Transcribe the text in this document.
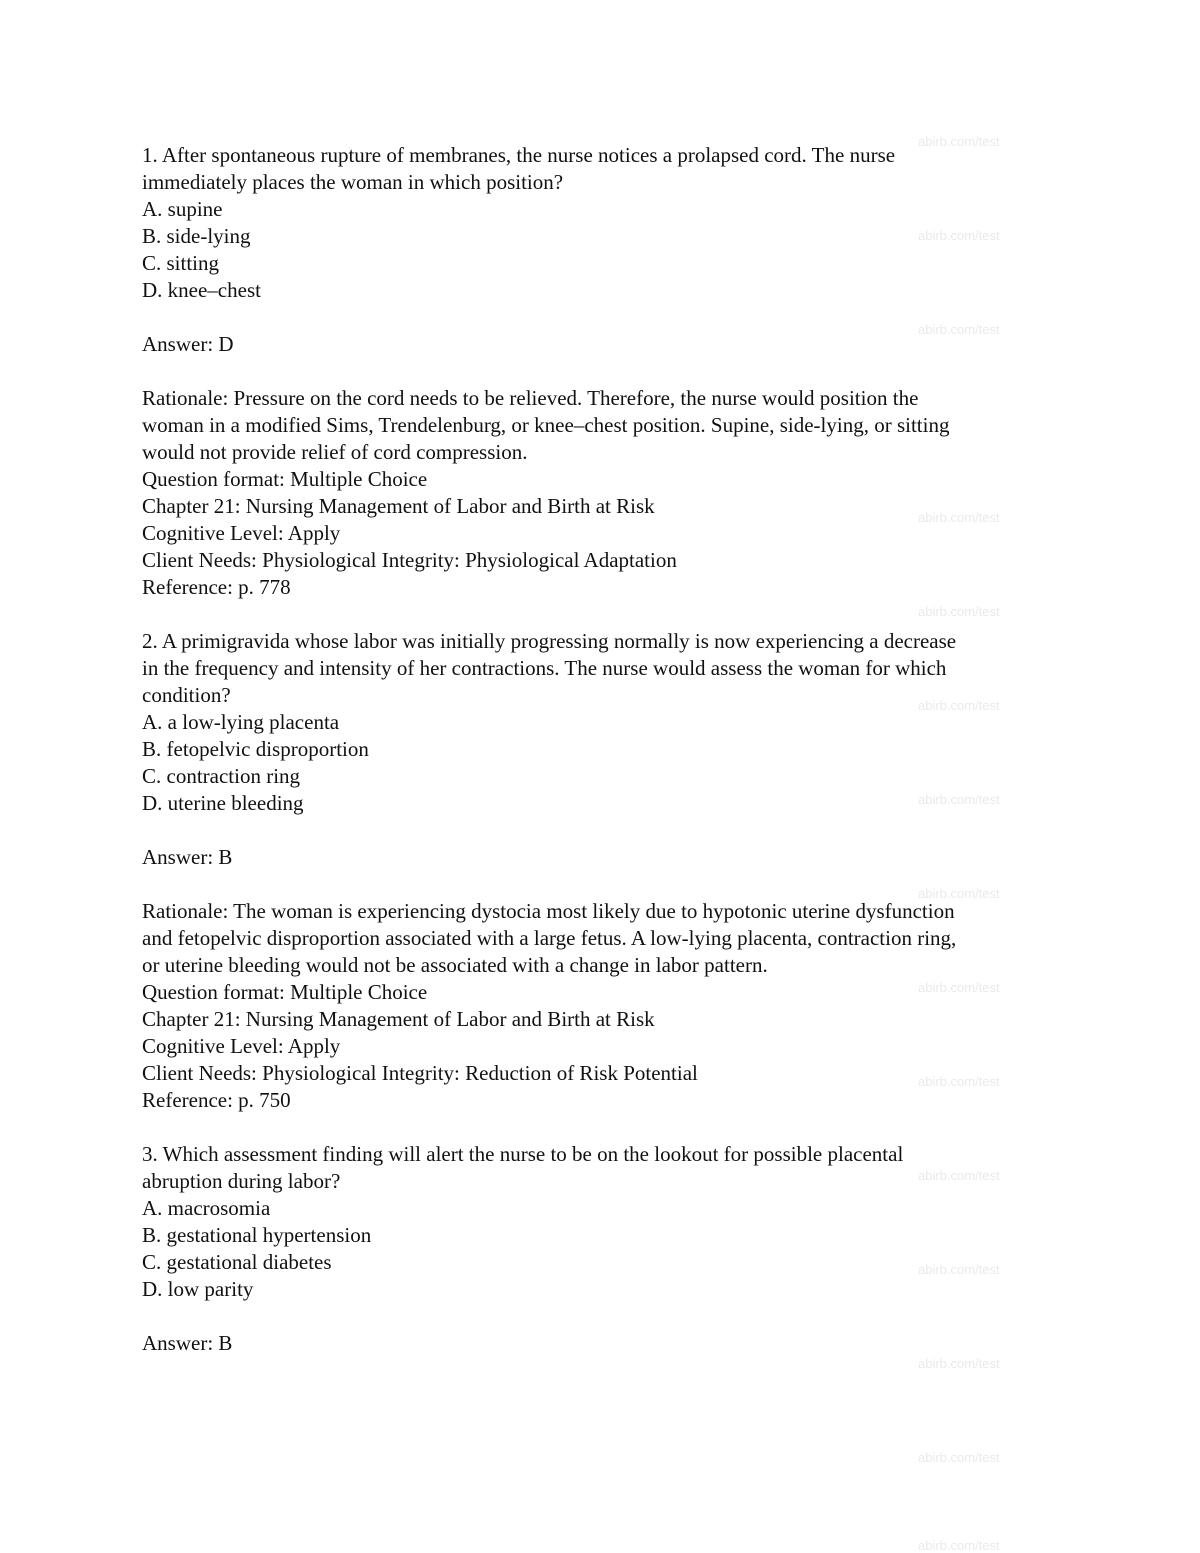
abirb.com/test
abirb.com/test
abirb.com/test
abirb.com/test
abirb.com/test
abirb.com/test
abirb.com/test
abirb.com/test
abirb.com/test
abirb.com/test
abirb.com/test
abirb.com/test
abirb.com/test
abirb.com/test
abirb.com/test
1. After spontaneous rupture of membranes, the nurse notices a prolapsed cord. The nurse
immediately places the woman in which position?
A. supine
B. side-lying
C. sitting
D. knee–chest
Answer: D
Rationale: Pressure on the cord needs to be relieved. Therefore, the nurse would position the
woman in a modified Sims, Trendelenburg, or knee–chest position. Supine, side-lying, or sitting
would not provide relief of cord compression.
Question format: Multiple Choice
Chapter 21: Nursing Management of Labor and Birth at Risk
Cognitive Level: Apply
Client Needs: Physiological Integrity: Physiological Adaptation
Reference: p. 778
2. A primigravida whose labor was initially progressing normally is now experiencing a decrease
in the frequency and intensity of her contractions. The nurse would assess the woman for which
condition?
A. a low-lying placenta
B. fetopelvic disproportion
C. contraction ring
D. uterine bleeding
Answer: B
Rationale: The woman is experiencing dystocia most likely due to hypotonic uterine dysfunction
and fetopelvic disproportion associated with a large fetus. A low-lying placenta, contraction ring,
or uterine bleeding would not be associated with a change in labor pattern.
Question format: Multiple Choice
Chapter 21: Nursing Management of Labor and Birth at Risk
Cognitive Level: Apply
Client Needs: Physiological Integrity: Reduction of Risk Potential
Reference: p. 750
3. Which assessment finding will alert the nurse to be on the lookout for possible placental
abruption during labor?
A. macrosomia
B. gestational hypertension
C. gestational diabetes
D. low parity
Answer: B
